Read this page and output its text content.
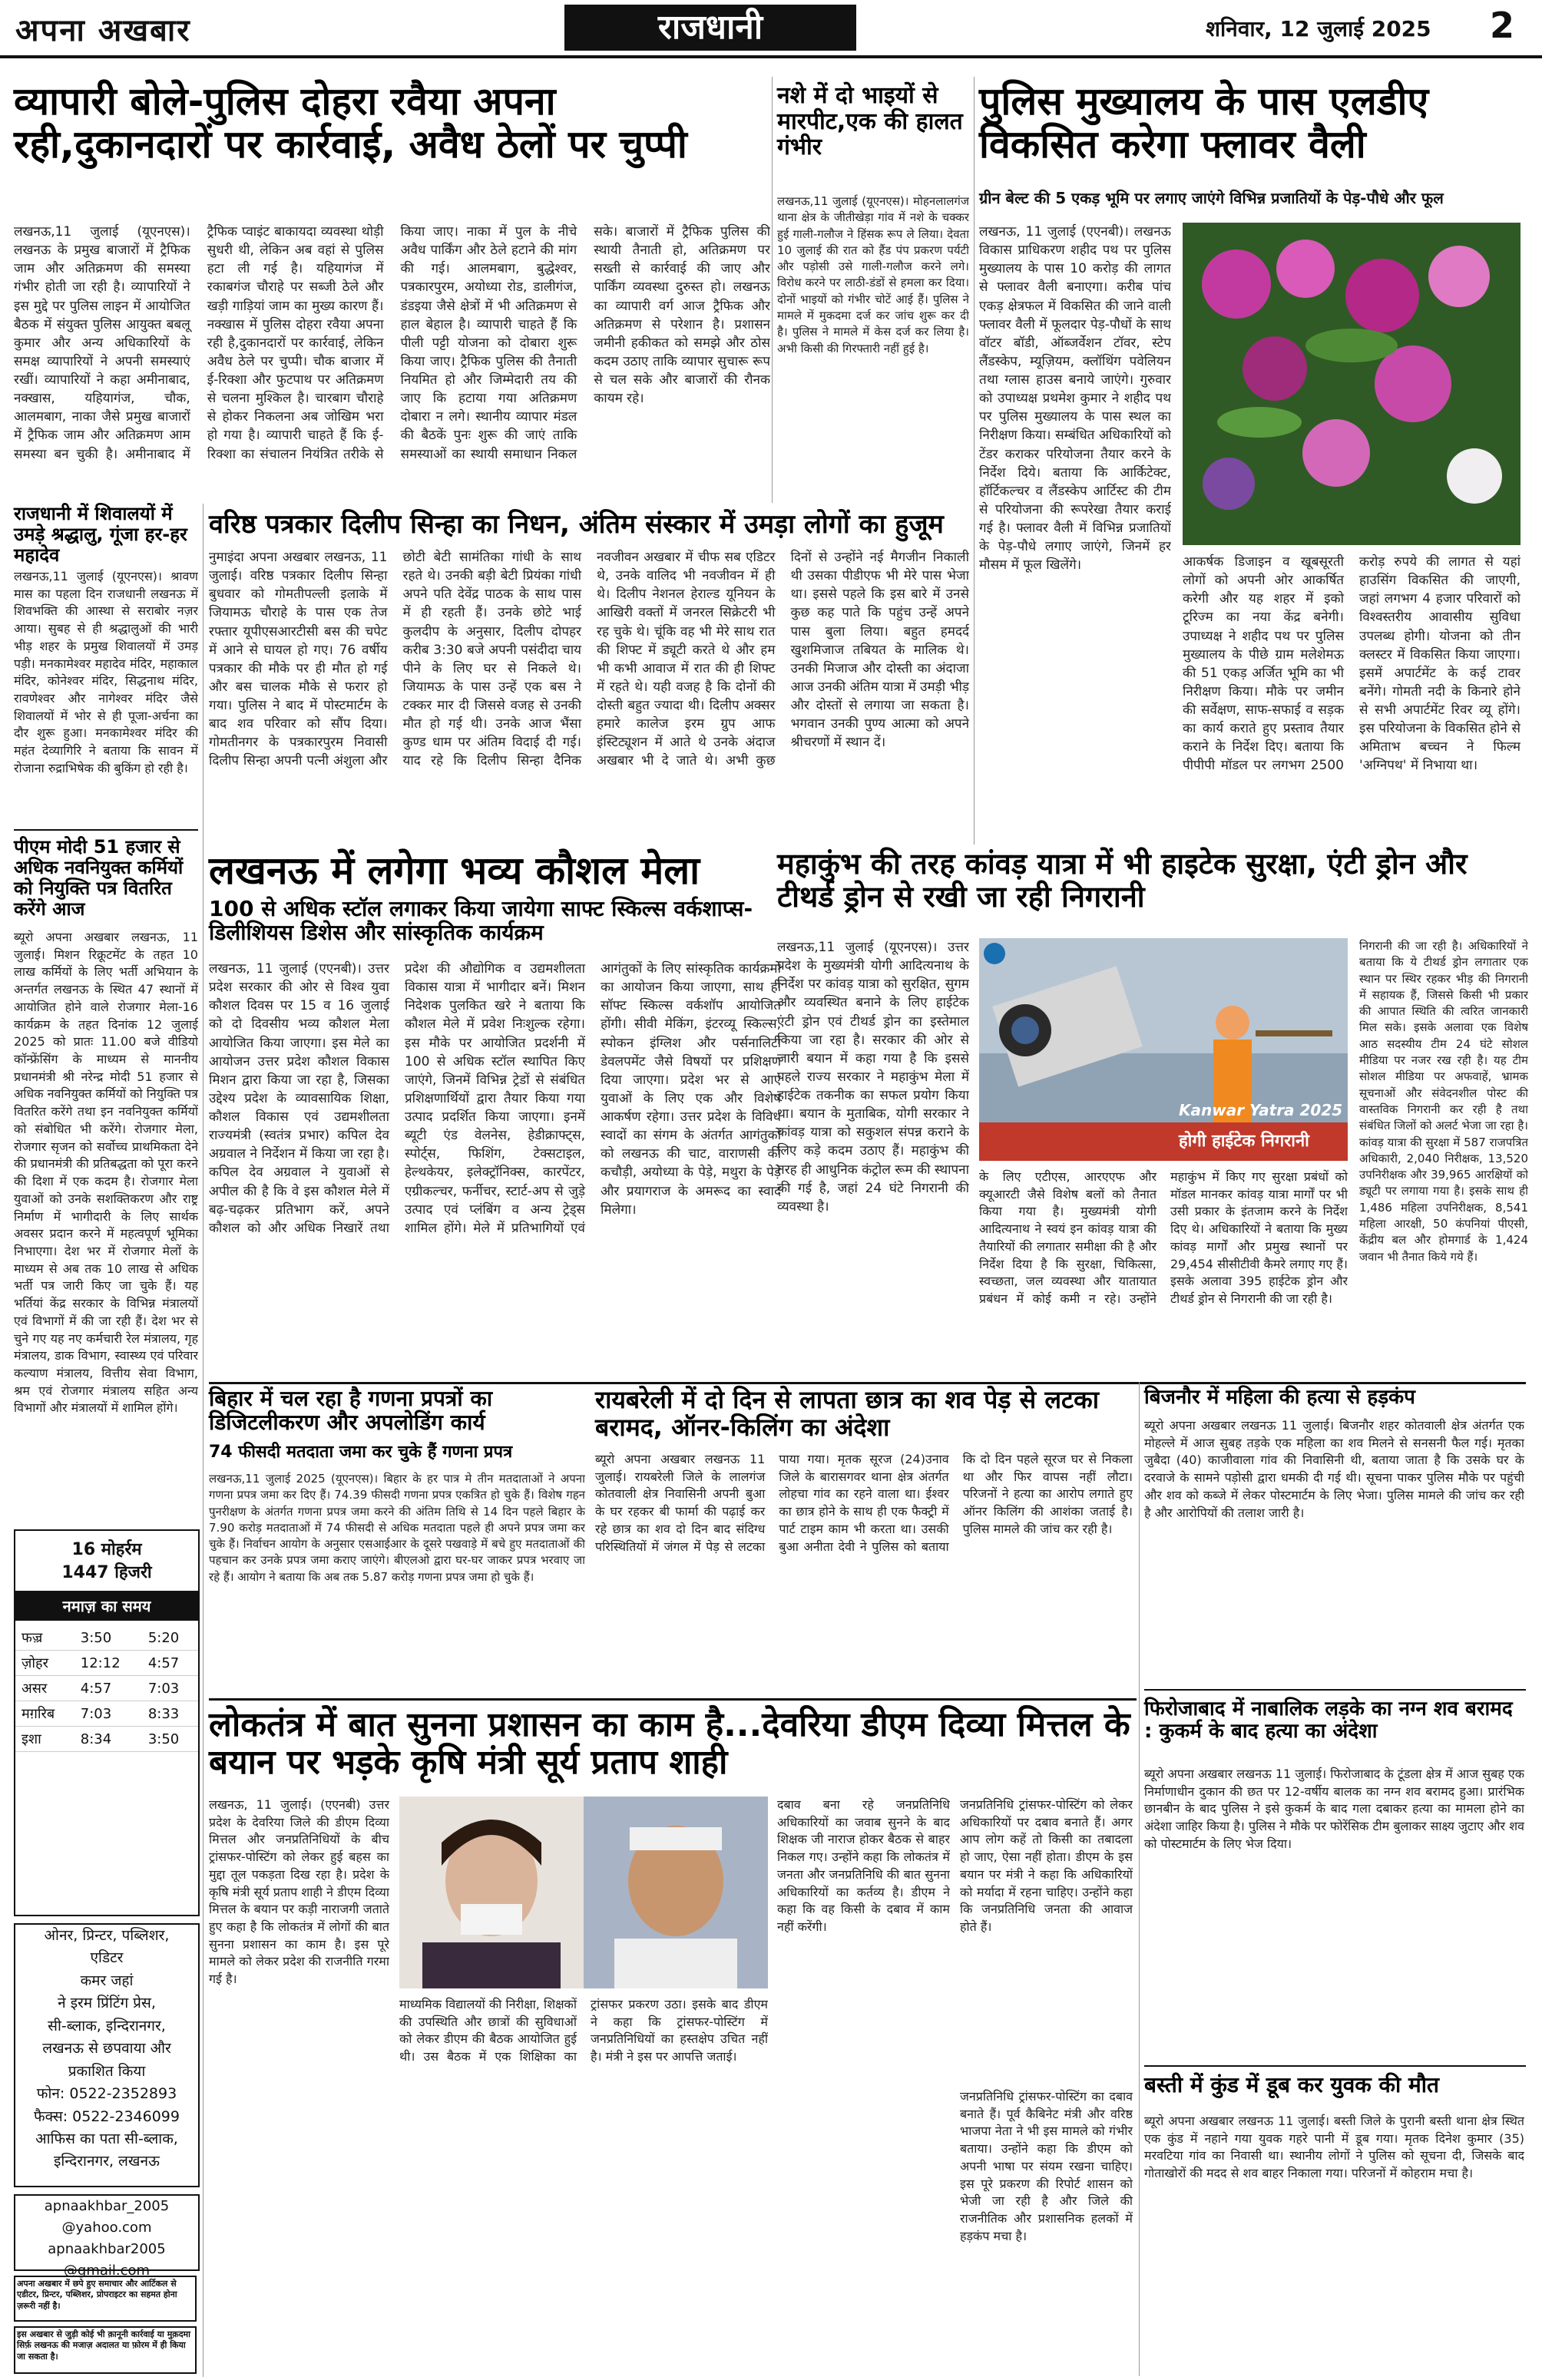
अपना अखबार	राजधानी	शनिवार, 12 जुलाई 2025 2
व्यापारी बोले-पुलिस दोहरा रवैया अपना रही,दुकानदारों पर कार्रवाई, अवैध ठेलों पर चुप्पी
लखनऊ,11 जुलाई (यूएनएस)। लखनऊ के प्रमुख बाजारों में ट्रैफिक जाम और अतिक्रमण की समस्या गंभीर होती जा रही है। व्यापारियों ने इस मुद्दे पर पुलिस लाइन में आयोजित बैठक में संयुक्त पुलिस आयुक्त बबलू कुमार और अन्य अधिकारियों के समक्ष व्यापारियों ने अपनी समस्याएं रखीं। व्यापारियों ने कहा अमीनाबाद, नक्खास, यहियागंज, चौक, आलमबाग, नाका जैसे प्रमुख बाजारों में ट्रैफिक जाम और अतिक्रमण आम समस्या बन चुकी है। अमीनाबाद में ट्रैफिक प्वाइंट बाकायदा व्यवस्था थोड़ी सुधरी थी, लेकिन अब वहां से पुलिस हटा ली गई है। यहियागंज में रकाबगंज चौराहे पर सब्जी ठेले और खड़ी गाड़ियां जाम का मुख्य कारण हैं। नक्खास में पुलिस दोहरा रवैया अपना रही है,दुकानदारों पर कार्रवाई, लेकिन अवैध ठेले पर चुप्पी। चौक बाजार में ई-रिक्शा और फुटपाथ पर अतिक्रमण से चलना मुश्किल है। चारबाग चौराहे से होकर निकलना अब जोखिम भरा हो गया है। व्यापारी चाहते हैं कि ई-रिक्शा का संचालन नियंत्रित तरीके से किया जाए। नाका में पुल के नीचे अवैध पार्किंग और ठेले हटाने की मांग की गई। आलमबाग, बुद्धेश्वर, पत्रकारपुरम, अयोध्या रोड, डालीगंज, डंडइया जैसे क्षेत्रों में भी अतिक्रमण से हाल बेहाल है। व्यापारी चाहते हैं कि पीली पट्टी योजना को दोबारा शुरू किया जाए। ट्रैफिक पुलिस की तैनाती नियमित हो और जिम्मेदारी तय की जाए कि हटाया गया अतिक्रमण दोबारा न लगे। स्थानीय व्यापार मंडल की बैठकें पुनः शुरू की जाएं ताकि समस्याओं का स्थायी समाधान निकल सके। बाजारों में ट्रैफिक पुलिस की स्थायी तैनाती हो, अतिक्रमण पर सख्ती से कार्रवाई की जाए और पार्किंग व्यवस्था दुरुस्त हो। लखनऊ का व्यापारी वर्ग आज ट्रैफिक और अतिक्रमण से परेशान है। प्रशासन जमीनी हकीकत को समझे और ठोस कदम उठाए ताकि व्यापार सुचारू रूप से चल सके और बाजारों की रौनक कायम रहे।
नशे में दो भाइयों से मारपीट,एक की हालत गंभीर
लखनऊ,11 जुलाई (यूएनएस)। मोहनलालगंज थाना क्षेत्र के जीतीखेड़ा गांव में नशे के चक्कर हुई गाली-गलौज ने हिंसक रूप ले लिया। देवता 10 जुलाई की रात को हैंड पंप प्रकरण पर्यटी और पड़ोसी उसे गाली-गलौज करने लगे। विरोध करने पर लाठी-डंडों से हमला कर दिया। दोनों भाइयों को गंभीर चोटें आई हैं। पुलिस ने मामले में मुकदमा दर्ज कर जांच शुरू कर दी है। पुलिस ने मामले में केस दर्ज कर लिया है। अभी किसी की गिरफ्तारी नहीं हुई है।
पुलिस मुख्यालय के पास एलडीए विकसित करेगा फ्लावर वैली
ग्रीन बेल्ट की 5 एकड़ भूमि पर लगाए जाएंगे विभिन्न प्रजातियों के पेड़-पौधे और फूल
लखनऊ, 11 जुलाई (एएनबी)। लखनऊ विकास प्राधिकरण शहीद पथ पर पुलिस मुख्यालय के पास 10 करोड़ की लागत से फ्लावर वैली बनाएगा। करीब पांच एकड़ क्षेत्रफल में विकसित की जाने वाली फ्लावर वैली में फूलदार पेड़-पौधों के साथ वॉटर बॉडी, ऑब्जर्वेशन टॉवर, स्टेप लैंडस्केप, म्यूज़ियम, क्लॉथिंग पवेलियन तथा ग्लास हाउस बनाये जाएंगे। गुरुवार को उपाध्यक्ष प्रथमेश कुमार ने शहीद पथ पर पुलिस मुख्यालय के पास स्थल का निरीक्षण किया। सम्बंधित अधिकारियों को टेंडर कराकर परियोजना तैयार करने के निर्देश दिये। बताया कि आर्किटेक्ट, हॉर्टिकल्चर व लैंडस्केप आर्टिस्ट की टीम से परियोजना की रूपरेखा तैयार कराई गई है। फ्लावर वैली में विभिन्न प्रजातियों के पेड़-पौधे लगाए जाएंगे, जिनमें हर मौसम में फूल खिलेंगे।	आकर्षक डिजाइन व खूबसूरती लोगों को अपनी ओर आकर्षित करेगी और यह शहर में इको टूरिज्म का नया केंद्र बनेगी। उपाध्यक्ष ने शहीद पथ पर पुलिस मुख्यालय के पीछे ग्राम मलेशेमऊ की 51 एकड़ अर्जित भूमि का भी निरीक्षण किया। मौके पर जमीन की सर्वेक्षण, साफ-सफाई व सड़क का कार्य कराते हुए प्रस्ताव तैयार कराने के निर्देश दिए। बताया कि पीपीपी मॉडल पर लगभग 2500 करोड़ रुपये की लागत से यहां हाउसिंग विकसित की जाएगी, जहां लगभग 4 हजार परिवारों को विश्वस्तरीय आवासीय सुविधा उपलब्ध होगी। योजना को तीन क्लस्टर में विकसित किया जाएगा। इसमें अपार्टमेंट के कई टावर बनेंगे। गोमती नदी के किनारे होने से सभी अपार्टमेंट रिवर व्यू होंगे। इस परियोजना के विकसित होने से अमिताभ बच्चन ने फिल्म 'अग्निपथ' में निभाया था।
राजधानी में शिवालयों में उमड़े श्रद्धालु, गूंजा हर-हर महादेव
लखनऊ,11 जुलाई (यूएनएस)। श्रावण मास का पहला दिन राजधानी लखनऊ में शिवभक्ति की आस्था से सराबोर नज़र आया। सुबह से ही श्रद्धालुओं की भारी भीड़ शहर के प्रमुख शिवालयों में उमड़ पड़ी। मनकामेश्वर महादेव मंदिर, महाकाल मंदिर, कोनेश्वर मंदिर, सिद्धनाथ मंदिर, रावणेश्वर और नागेश्वर मंदिर जैसे शिवालयों में भोर से ही पूजा-अर्चना का दौर शुरू हुआ। मनकामेश्वर मंदिर की महंत देव्यागिरि ने बताया कि सावन में रोजाना रुद्राभिषेक की बुकिंग हो रही है।
वरिष्ठ पत्रकार दिलीप सिन्हा का निधन, अंतिम संस्कार में उमड़ा लोगों का हुजूम
नुमाइंदा अपना अखबार लखनऊ, 11 जुलाई। वरिष्ठ पत्रकार दिलीप सिन्हा बुधवार को गोमतीपल्ली इलाके में जियामऊ चौराहे के पास एक तेज रफ्तार यूपीएसआरटीसी बस की चपेट में आने से घायल हो गए। 76 वर्षीय पत्रकार की मौके पर ही मौत हो गई और बस चालक मौके से फरार हो गया। पुलिस ने बाद में पोस्टमार्टम के बाद शव परिवार को सौंप दिया। गोमतीनगर के पत्रकारपुरम निवासी दिलीप सिन्हा अपनी पत्नी अंशुला और छोटी बेटी सामंतिका गांधी के साथ रहते थे। उनकी बड़ी बेटी प्रियंका गांधी अपने पति देवेंद्र पाठक के साथ पास में ही रहती हैं। उनके छोटे भाई कुलदीप के अनुसार, दिलीप दोपहर करीब 3:30 बजे अपनी पसंदीदा चाय पीने के लिए घर से निकले थे। जियामऊ के पास उन्हें एक बस ने टक्कर मार दी जिससे वजह से उनकी मौत हो गई थी। उनके आज भैंसा कुण्ड धाम पर अंतिम विदाई दी गई। याद रहे कि दिलीप सिन्हा दैनिक नवजीवन अखबार में चीफ सब एडिटर थे, उनके वालिद भी नवजीवन में ही थे। दिलीप नेशनल हेराल्ड यूनियन के आखिरी वक्तों में जनरल सिक्रेटरी भी रह चुके थे। चूंकि वह भी मेरे साथ रात की शिफ्ट में ड्यूटी करते थे और हम भी कभी आवाज में रात की ही शिफ्ट में रहते थे। यही वजह है कि दोनों की दोस्ती बहुत ज्यादा थी। दिलीप अक्सर हमारे कालेज इरम ग्रुप आफ इंस्टिट्यूशन में आते थे उनके अंदाज अखबार भी दे जाते थे। अभी कुछ दिनों से उन्होंने नई मैगजीन निकाली थी उसका पीडीएफ भी मेरे पास भेजा था। इससे पहले कि इस बारे में उनसे कुछ कह पाते कि पहुंच उन्हें अपने पास बुला लिया। बहुत हमदर्द खुशमिजाज तबियत के मालिक थे। उनकी मिजाज और दोस्ती का अंदाजा आज उनकी अंतिम यात्रा में उमड़ी भीड़ और दोस्तों से लगाया जा सकता है। भगवान उनकी पुण्य आत्मा को अपने श्रीचरणों में स्थान दें।
पीएम मोदी 51 हजार से अधिक नवनियुक्त कर्मियों को नियुक्ति पत्र वितरित करेंगे आज
ब्यूरो अपना अखबार लखनऊ, 11 जुलाई। मिशन रिक्रूटमेंट के तहत 10 लाख कर्मियों के लिए भर्ती अभियान के अन्तर्गत लखनऊ के स्थित 47 स्थानों में आयोजित होने वाले रोजगार मेला-16 कार्यक्रम के तहत दिनांक 12 जुलाई 2025 को प्रातः 11.00 बजे वीडियो कॉन्फ्रेंसिंग के माध्यम से माननीय प्रधानमंत्री श्री नरेन्द्र मोदी 51 हजार से अधिक नवनियुक्त कर्मियों को नियुक्ति पत्र वितरित करेंगे तथा इन नवनियुक्त कर्मियों को संबोधित भी करेंगे। रोजगार मेला, रोजगार सृजन को सर्वोच्च प्राथमिकता देने की प्रधानमंत्री की प्रतिबद्धता को पूरा करने की दिशा में एक कदम है। रोजगार मेला युवाओं को उनके सशक्तिकरण और राष्ट्र निर्माण में भागीदारी के लिए सार्थक अवसर प्रदान करने में महत्वपूर्ण भूमिका निभाएगा। देश भर में रोजगार मेलों के माध्यम से अब तक 10 लाख से अधिक भर्ती पत्र जारी किए जा चुके हैं। यह भर्तियां केंद्र सरकार के विभिन्न मंत्रालयों एवं विभागों में की जा रही हैं। देश भर से चुने गए यह नए कर्मचारी रेल मंत्रालय, गृह मंत्रालय, डाक विभाग, स्वास्थ्य एवं परिवार कल्याण मंत्रालय, वित्तीय सेवा विभाग, श्रम एवं रोजगार मंत्रालय सहित अन्य विभागों और मंत्रालयों में शामिल होंगे।
लखनऊ में लगेगा भव्य कौशल मेला
100 से अधिक स्टॉल लगाकर किया जायेगा साफ्ट स्किल्स वर्कशाप्स-डिलीशियस डिशेस और सांस्कृतिक कार्यक्रम
लखनऊ, 11 जुलाई (एएनबी)। उत्तर प्रदेश सरकार की ओर से विश्व युवा कौशल दिवस पर 15 व 16 जुलाई को दो दिवसीय भव्य कौशल मेला आयोजित किया जाएगा। इस मेले का आयोजन उत्तर प्रदेश कौशल विकास मिशन द्वारा किया जा रहा है, जिसका उद्देश्य प्रदेश के व्यावसायिक शिक्षा, कौशल विकास एवं उद्यमशीलता राज्यमंत्री (स्वतंत्र प्रभार) कपिल देव अग्रवाल ने निर्देशन में किया जा रहा है। कपिल देव अग्रवाल ने युवाओं से अपील की है कि वे इस कौशल मेले में बढ़-चढ़कर प्रतिभाग करें, अपने कौशल को और अधिक निखारें तथा प्रदेश की औद्योगिक व उद्यमशीलता विकास यात्रा में भागीदार बनें। मिशन निदेशक पुलकित खरे ने बताया कि कौशल मेले में प्रवेश निःशुल्क रहेगा। इस मौके पर आयोजित प्रदर्शनी में 100 से अधिक स्टॉल स्थापित किए जाएंगे, जिनमें विभिन्न ट्रेडों से संबंधित प्रशिक्षणार्थियों द्वारा तैयार किया गया उत्पाद प्रदर्शित किया जाएगा। इनमें ब्यूटी एंड वेलनेस, हेडीक्राफ्ट्स, स्पोर्ट्स, फिशिंग, टेक्सटाइल, हेल्थकेयर, इलेक्ट्रॉनिक्स, कारपेंटर, एग्रीकल्चर, फर्नीचर, स्टार्ट-अप से जुड़े उत्पाद एवं प्लंबिंग व अन्य ट्रेड्स शामिल होंगे। मेले में प्रतिभागियों एवं आगंतुकों के लिए सांस्कृतिक कार्यक्रमों का आयोजन किया जाएगा, साथ ही सॉफ्ट स्किल्स वर्कशॉप आयोजित होंगी। सीवी मेकिंग, इंटरव्यू स्किल्स, स्पोकन इंग्लिश और पर्सनालिटी डेवलपमेंट जैसे विषयों पर प्रशिक्षण दिया जाएगा। प्रदेश भर से आए युवाओं के लिए एक और विशेष आकर्षण रहेगा। उत्तर प्रदेश के विविध स्वादों का संगम के अंतर्गत आगंतुकों को लखनऊ की चाट, वाराणसी की कचौड़ी, अयोध्या के पेड़े, मथुरा के पेड़े और प्रयागराज के अमरूद का स्वाद मिलेगा।
महाकुंभ की तरह कांवड़ यात्रा में भी हाइटेक सुरक्षा, एंटी ड्रोन और टीथर्ड ड्रोन से रखी जा रही निगरानी
लखनऊ,11 जुलाई (यूएनएस)। उत्तर प्रदेश के मुख्यमंत्री योगी आदित्यनाथ के निर्देश पर कांवड़ यात्रा को सुरक्षित, सुगम और व्यवस्थित बनाने के लिए हाईटेक एंटी ड्रोन एवं टीथर्ड ड्रोन का इस्तेमाल किया जा रहा है। सरकार की ओर से जारी बयान में कहा गया है कि इससे पहले राज्य सरकार ने महाकुंभ मेला में हाईटेक तकनीक का सफल प्रयोग किया था। बयान के मुताबिक, योगी सरकार ने कांवड़ यात्रा को सकुशल संपन्न कराने के लिए कड़े कदम उठाए हैं। महाकुंभ की तरह ही आधुनिक कंट्रोल रूम की स्थापना की गई है, जहां 24 घंटे निगरानी की व्यवस्था है।
Kanwar Yatra 2025
होगी हाईटेक निगरानी
के लिए एटीएस, आरएएफ और क्यूआरटी जैसे विशेष बलों को तैनात किया गया है। मुख्यमंत्री योगी आदित्यनाथ ने स्वयं इन कांवड़ यात्रा की तैयारियों की लगातार समीक्षा की है और निर्देश दिया है कि सुरक्षा, चिकित्सा, स्वच्छता, जल व्यवस्था और यातायात प्रबंधन में कोई कमी न रहे। उन्होंने महाकुंभ में किए गए सुरक्षा प्रबंधों को मॉडल मानकर कांवड़ यात्रा मार्गों पर भी उसी प्रकार के इंतजाम करने के निर्देश दिए थे। अधिकारियों ने बताया कि मुख्य कांवड़ मार्गों और प्रमुख स्थानों पर 29,454 सीसीटीवी कैमरे लगाए गए हैं। इसके अलावा 395 हाईटेक ड्रोन और टीथर्ड ड्रोन से निगरानी की जा रही है।
निगरानी की जा रही है। अधिकारियों ने बताया कि ये टीथर्ड ड्रोन लगातार एक स्थान पर स्थिर रहकर भीड़ की निगरानी में सहायक हैं, जिससे किसी भी प्रकार की आपात स्थिति की त्वरित जानकारी मिल सके। इसके अलावा एक विशेष आठ सदस्यीय टीम 24 घंटे सोशल मीडिया पर नजर रख रही है। यह टीम सोशल मीडिया पर अफवाहें, भ्रामक सूचनाओं और संवेदनशील पोस्ट की वास्तविक निगरानी कर रही है तथा संबंधित जिलों को अलर्ट भेजा जा रहा है। कांवड़ यात्रा की सुरक्षा में 587 राजपत्रित अधिकारी, 2,040 निरीक्षक, 13,520 उपनिरीक्षक और 39,965 आरक्षियों को ड्यूटी पर लगाया गया है। इसके साथ ही 1,486 महिला उपनिरीक्षक, 8,541 महिला आरक्षी, 50 कंपनियां पीएसी, केंद्रीय बल और होमगार्ड के 1,424 जवान भी तैनात किये गये हैं।
बिहार में चल रहा है गणना प्रपत्रों का डिजिटलीकरण और अपलोडिंग कार्य
74 फीसदी मतदाता जमा कर चुके हैं गणना प्रपत्र
लखनऊ,11 जुलाई 2025 (यूएनएस)। बिहार के हर पात्र मे तीन मतदाताओं ने अपना गणना प्रपत्र जमा कर दिए हैं। 74.39 फीसदी गणना प्रपत्र एकत्रित हो चुके हैं। विशेष गहन पुनरीक्षण के अंतर्गत गणना प्रपत्र जमा करने की अंतिम तिथि से 14 दिन पहले बिहार के 7.90 करोड़ मतदाताओं में 74 फीसदी से अधिक मतदाता पहले ही अपने प्रपत्र जमा कर चुके हैं। निर्वाचन आयोग के अनुसार एसआईआर के दूसरे पखवाड़े में बचे हुए मतदाताओं की पहचान कर उनके प्रपत्र जमा कराए जाएंगे। बीएलओ द्वारा घर-घर जाकर प्रपत्र भरवाए जा रहे हैं। आयोग ने बताया कि अब तक 5.87 करोड़ गणना प्रपत्र जमा हो चुके हैं।
रायबरेली में दो दिन से लापता छात्र का शव पेड़ से लटका बरामद, ऑनर-किलिंग का अंदेशा
ब्यूरो अपना अखबार लखनऊ 11 जुलाई। रायबरेली जिले के लालगंज कोतवाली क्षेत्र निवासिनी अपनी बुआ के घर रहकर बी फार्मा की पढ़ाई कर रहे छात्र का शव दो दिन बाद संदिग्ध परिस्थितियों में जंगल में पेड़ से लटका पाया गया। मृतक सूरज (24)उनाव जिले के बारासगवर थाना क्षेत्र अंतर्गत लोहचा गांव का रहने वाला था। ईश्वर का छात्र होने के साथ ही एक फैक्ट्री में पार्ट टाइम काम भी करता था। उसकी बुआ अनीता देवी ने पुलिस को बताया कि दो दिन पहले सूरज घर से निकला था और फिर वापस नहीं लौटा। परिजनों ने हत्या का आरोप लगाते हुए ऑनर किलिंग की आशंका जताई है। पुलिस मामले की जांच कर रही है।
बिजनौर में महिला की हत्या से हड़कंप
ब्यूरो अपना अखबार लखनऊ 11 जुलाई। बिजनौर शहर कोतवाली क्षेत्र अंतर्गत एक मोहल्ले में आज सुबह तड़के एक महिला का शव मिलने से सनसनी फैल गई। मृतका जुबैदा (40) काजीवाला गांव की निवासिनी थी, बताया जाता है कि उसके घर के दरवाजे के सामने पड़ोसी द्वारा धमकी दी गई थी। सूचना पाकर पुलिस मौके पर पहुंची और शव को कब्जे में लेकर पोस्टमार्टम के लिए भेजा। पुलिस मामले की जांच कर रही है और आरोपियों की तलाश जारी है।
16 मोहर्रम
1447 हिजरी
नमाज़ का समय
फज़्र	3:50	5:20
ज़ोहर	12:12	4:57
असर	4:57	7:03
मग़रिब	7:03	8:33
इशा	8:34	3:50
ओनर, प्रिन्टर, पब्लिशर,
एडिटर
कमर जहां
ने इरम प्रिंटिंग प्रेस,
सी-ब्लाक, इन्दिरानगर,
लखनऊ से छपवाया और
प्रकाशित किया
फोन: 0522-2352893
फैक्स: 0522-2346099
आफिस का पता सी-ब्लाक,
इन्दिरानगर, लखनऊ
apnaakhbar_2005
@yahoo.com
apnaakhbar2005
@gmail.com
अपना अखबार में छपे हुए समाचार और आर्टिकल से एडीटर, प्रिन्टर, पब्लिशर, प्रोपराइटर का सहमत होना ज़रूरी नहीं है।
इस अखबार से जुड़ी कोई भी क़ानूनी कार्रवाई या मुक़दमा सिर्फ़ लखनऊ की मजाज़ अदालत या फ़ोरम में ही किया जा सकता है।
लोकतंत्र में बात सुनना प्रशासन का काम है...देवरिया डीएम दिव्या मित्तल के बयान पर भड़के कृषि मंत्री सूर्य प्रताप शाही
लखनऊ, 11 जुलाई। (एएनबी) उत्तर प्रदेश के देवरिया जिले की डीएम दिव्या मित्तल और जनप्रतिनिधियों के बीच ट्रांसफर-पोस्टिंग को लेकर हुई बहस का मुद्दा तूल पकड़ता दिख रहा है। प्रदेश के कृषि मंत्री सूर्य प्रताप शाही ने डीएम दिव्या मित्तल के बयान पर कड़ी नाराजगी जताते हुए कहा है कि लोकतंत्र में लोगों की बात सुनना प्रशासन का काम है। इस पूरे मामले को लेकर प्रदेश की राजनीति गरमा गई है।
माध्यमिक विद्यालयों की निरीक्षा, शिक्षकों की उपस्थिति और छात्रों की सुविधाओं को लेकर डीएम की बैठक आयोजित हुई थी। उस बैठक में एक शिक्षिका का ट्रांसफर प्रकरण उठा। इसके बाद डीएम ने कहा कि ट्रांसफर-पोस्टिंग में जनप्रतिनिधियों का हस्तक्षेप उचित नहीं है। मंत्री ने इस पर आपत्ति जताई।
दबाव बना रहे जनप्रतिनिधि अधिकारियों का जवाब सुनने के बाद शिक्षक जी नाराज होकर बैठक से बाहर निकल गए। उन्होंने कहा कि लोकतंत्र में जनता और जनप्रतिनिधि की बात सुनना अधिकारियों का कर्तव्य है। डीएम ने कहा कि वह किसी के दबाव में काम नहीं करेंगी।
जनप्रतिनिधि ट्रांसफर-पोस्टिंग को लेकर अधिकारियों पर दबाव बनाते हैं। अगर आप लोग कहें तो किसी का तबादला हो जाए, ऐसा नहीं होता। डीएम के इस बयान पर मंत्री ने कहा कि अधिकारियों को मर्यादा में रहना चाहिए। उन्होंने कहा कि जनप्रतिनिधि जनता की आवाज होते हैं।
जनप्रतिनिधि ट्रांसफर-पोस्टिंग का दबाव बनाते हैं। पूर्व कैबिनेट मंत्री और वरिष्ठ भाजपा नेता ने भी इस मामले को गंभीर बताया। उन्होंने कहा कि डीएम को अपनी भाषा पर संयम रखना चाहिए। इस पूरे प्रकरण की रिपोर्ट शासन को भेजी जा रही है और जिले की राजनीतिक और प्रशासनिक हलकों में हड़कंप मचा है।
फिरोजाबाद में नाबालिक लड़के का नग्न शव बरामद : कुकर्म के बाद हत्या का अंदेशा
ब्यूरो अपना अखबार लखनऊ 11 जुलाई। फिरोजाबाद के टूंडला क्षेत्र में आज सुबह एक निर्माणाधीन दुकान की छत पर 12-वर्षीय बालक का नग्न शव बरामद हुआ। प्रारंभिक छानबीन के बाद पुलिस ने इसे कुकर्म के बाद गला दबाकर हत्या का मामला होने का अंदेशा जाहिर किया है। पुलिस ने मौके पर फोरेंसिक टीम बुलाकर साक्ष्य जुटाए और शव को पोस्टमार्टम के लिए भेज दिया।
बस्ती में कुंड में डूब कर युवक की मौत
ब्यूरो अपना अखबार लखनऊ 11 जुलाई। बस्ती जिले के पुरानी बस्ती थाना क्षेत्र स्थित एक कुंड में नहाने गया युवक गहरे पानी में डूब गया। मृतक दिनेश कुमार (35) मरवटिया गांव का निवासी था। स्थानीय लोगों ने पुलिस को सूचना दी, जिसके बाद गोताखोरों की मदद से शव बाहर निकाला गया। परिजनों में कोहराम मचा है।
